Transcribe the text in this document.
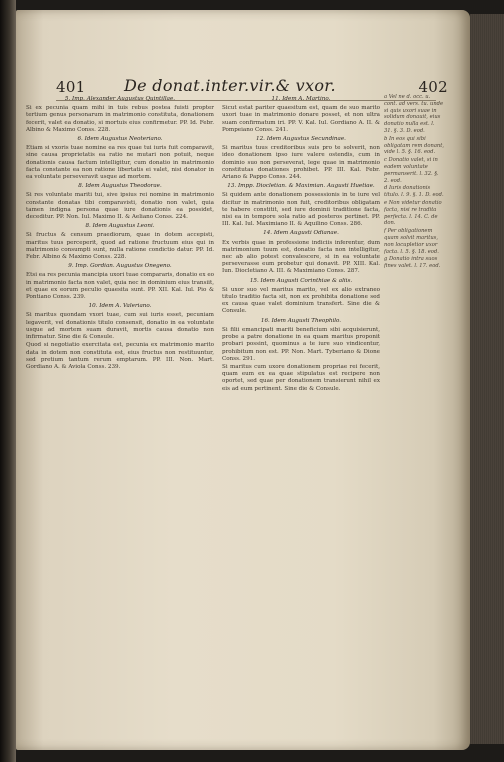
401 De donat.inter.vir.& vxor.	402

5. Imp. Alexander Augustus Quintillae.

Si ex pecunia quam mihi in tuis rebus postea fuisti propter tertium genus personarum in matrimonio constituta, donationem fecerit, valet ea donatio, si mortuis eius confirmetur. PP. Id. Febr. Albino & Maximo Conss. 228.

6. Idem Augustus Neoteriano.

Etiam si vxoris tuae nomine ea res quae tui iuris fuit comparavit, sine causa proprietatis ea ratio ne mutari non potuit, neque donationis causa factum intelligitur, cum donatio in matrimonio facta constante ea non ratione libertatis ei valet, nisi donator in ea voluntate perseveravit usque ad mortem.

8. Idem Augustus Theodorae.

Si res voluntate mariti tui, sive ipsius rei nomine in matrimonio constante donatas tibi comparavisti, donatio non valet, quia tamen indigna persona quae iure donationis ea possidet, deceditur. PP. Non. Iul. Maximo II. & Aeliano Conss. 224.

8. Idem Augustus Leoni.

Si fructus & censum praediorum, quae in dotem accepisti, maritus tuus perceperit, quod ad ratione fructuum eius qui in matrimonio consumpti sunt, nulla ratione condictio datur. PP. Id. Febr. Albino & Maximo Conss. 228.

9. Imp. Gordian. Augustus Onegeno.

Etsi ea res pecunia mancipia uxori tuae compararis, donatio ex eo in matrimonio facta non valet, quia nec in dominium eius transiit, et quae ex eorum peculio quaesita sunt. PP. XII. Kal. Iul. Pio & Pontiano Conss. 239.

10. Idem A. Valeriano.

Si maritus quondam vxori tuae, cum sui iuris esset, pecuniam legaverit, vel donationis titulo consensit, donatio in ea voluntate usque ad mortem suam duravit, mortis causa donatio non infirmatur. Sine die & Consule.

Quod si negotiatio exercitata est, pecunia ex matrimonio marito data in dotem non constituta est, eius fructus non restituuntur, sed pretium tantum rerum emptarum. PP. III. Non. Mart. Gordiano A. & Aviola Conss. 239.

11. Idem A. Martino.

Sicut estat pariter quaesitum est, quam de suo marito uxori tuae in matrimonio donare posset, et non ultra suam confirmatum iri. PP. V. Kal. Iul. Gordiano A. II. & Pompeiano Conss. 241.

12. Idem Augustus Secundinae.

Si maritus tuus creditoribus suis pro te solverit, non ideo donationem ipso iure valere ostendis, cum in dominio suo non perseverat, lege quae in matrimonio constitutas donationes prohibet. PP. III. Kal. Febr. Ariano & Pappo Conss. 244.

13. Impp. Diocletian. & Maximian. Augusti Huetiae.

Si quidem ante donationem possessionis in te iure vel dicitur in matrimonio non fuit, creditoribus obligatam te habere constitit, sed iure dominii traditione facta, nisi ea in tempore sola ratio ad posteros pertinet. PP. III. Kal. Iul. Maximiano II. & Aquilino Conss. 286.

14. Idem Augusti Odianae.

Ex verbis quae in professione indiciis inferentur, dum matrimonium tuum est, donatio facta non intelligitur, nec ab alio potest convalescere, si in ea voluntate perseverasse eum probetur qui donavit. PP. XIII. Kal. Iun. Diocletiano A. III. & Maximiano Conss. 287.

15. Idem Augusti Corinthiae & aliis.

Si uxor suo vel maritus marito, vel ex alio extraneo titulo traditio facta sit, non ex prohibita donatione sed ex causa quae valet dominium transfert. Sine die & Consule.

16. Idem Augusti Theophilo.

Si filii emancipati mariti beneficium sibi acquisierunt, probe a patre donatione in ea quam maritus proponit probari possint, quominus a te iure suo vindicentur, prohibitum non est. PP. Non. Mart. Tyberiano & Dione Conss. 291.

Si maritus cum uxore donationem propriae rei fecerit, quam eum ex ea quae stipulatus est recipere non oportet, sed quae per donationem transierunt nihil ex eis ad eum pertinent. Sine die & Consule.

a Vel ne d. occ. u. cont. ad vers. tu. unde si quis uxori suae in solidum donauit, eius donatio nulla est. l. 31. §. 3. D. eod.

b In eos qui sibi obligatam rem donant, vide l. 5. §. 16. eod.

c Donatio valet, si in eadem voluntate permanserit. l. 32. §. 2. eod.

d Iuris donationis titulo. l. 9. §. 1. D. eod.

e Non videtur donatio facta, nisi re tradita perfecta. l. 14. C. de don.

f Per obligationem quam solvit maritus, non locupletior uxor facta. l. 5. §. 18. eod.

g Donatio intra suos fines valet. l. 17. eod.
